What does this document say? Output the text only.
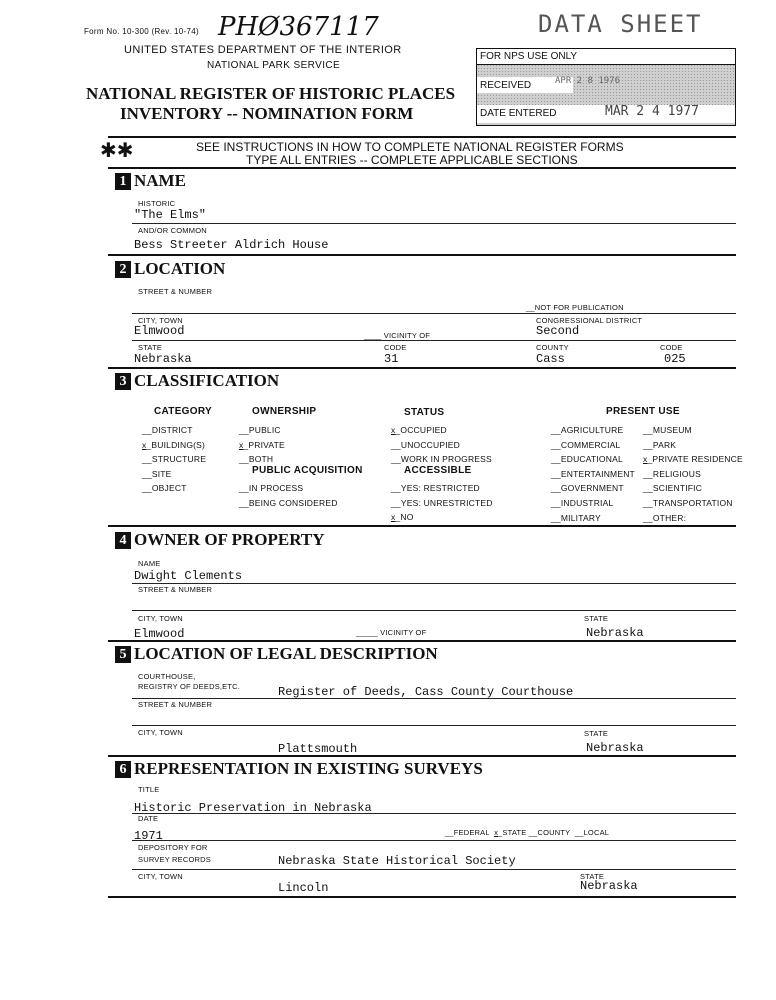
Form No. 10-300 (Rev. 10-74) PHØ367117	DATA SHEET
UNITED STATES DEPARTMENT OF THE INTERIOR
NATIONAL PARK SERVICE
NATIONAL REGISTER OF HISTORIC PLACES
INVENTORY -- NOMINATION FORM
FOR NPS USE ONLY
RECEIVED	APR 2 8 1976
DATE ENTERED	MAR 2 4 1977
✱✱	SEE INSTRUCTIONS IN HOW TO COMPLETE NATIONAL REGISTER FORMS
TYPE ALL ENTRIES -- COMPLETE APPLICABLE SECTIONS
1 NAME
HISTORIC
"The Elms"
AND/OR COMMON
Bess Streeter Aldrich House
2 LOCATION
STREET & NUMBER
__NOT FOR PUBLICATION
CITY, TOWN
Elmwood	____ VICINITY OF
CONGRESSIONAL DISTRICT
Second
STATE
Nebraska
CODE
31
COUNTY
Cass
CODE
025
3 CLASSIFICATION
CATEGORY
__DISTRICT
x_BUILDING(S)
__STRUCTURE
__SITE
__OBJECT
OWNERSHIP
__PUBLIC
x_PRIVATE
__BOTH
PUBLIC ACQUISITION
__IN PROCESS
__BEING CONSIDERED
STATUS
x_OCCUPIED
__UNOCCUPIED
__WORK IN PROGRESS
ACCESSIBLE
__YES: RESTRICTED
__YES: UNRESTRICTED
x_NO
PRESENT USE
__AGRICULTURE
__COMMERCIAL
__EDUCATIONAL
__ENTERTAINMENT
__GOVERNMENT
__INDUSTRIAL
__MILITARY
__MUSEUM
__PARK
x_PRIVATE RESIDENCE
__RELIGIOUS
__SCIENTIFIC
__TRANSPORTATION
__OTHER:
4 OWNER OF PROPERTY
NAME
Dwight Clements
STREET & NUMBER
CITY, TOWN
Elmwood	_____ VICINITY OF
STATE
Nebraska
5 LOCATION OF LEGAL DESCRIPTION
COURTHOUSE,
REGISTRY OF DEEDS,ETC.	Register of Deeds, Cass County Courthouse
STREET & NUMBER
CITY, TOWN
Plattsmouth
STATE
Nebraska
6 REPRESENTATION IN EXISTING SURVEYS
TITLE
Historic Preservation in Nebraska
DATE
1971	__FEDERAL x_STATE __COUNTY  __LOCAL
DEPOSITORY FOR
SURVEY RECORDS	Nebraska State Historical Society
CITY, TOWN
Lincoln
STATE
Nebraska
